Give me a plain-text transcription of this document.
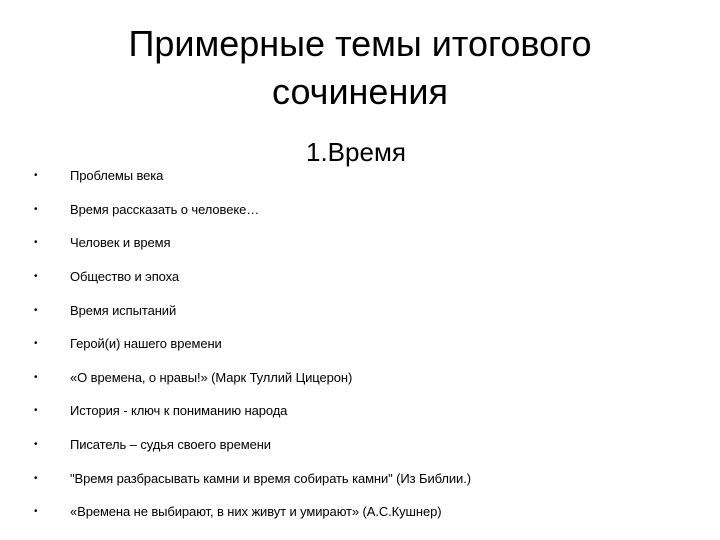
Примерные темы итогового
сочинения
1.Время
• Проблемы века
• Время рассказать о человеке…
• Человек и время
• Общество и эпоха
• Время испытаний
• Герой(и) нашего времени
• «О времена, о нравы!» (Марк Туллий Цицерон)
• История - ключ к пониманию народа
• Писатель – судья своего времени
• "Время разбрасывать камни и время собирать камни" (Из Библии.)
• «Времена не выбирают, в них живут и умирают» (А.С.Кушнер)
